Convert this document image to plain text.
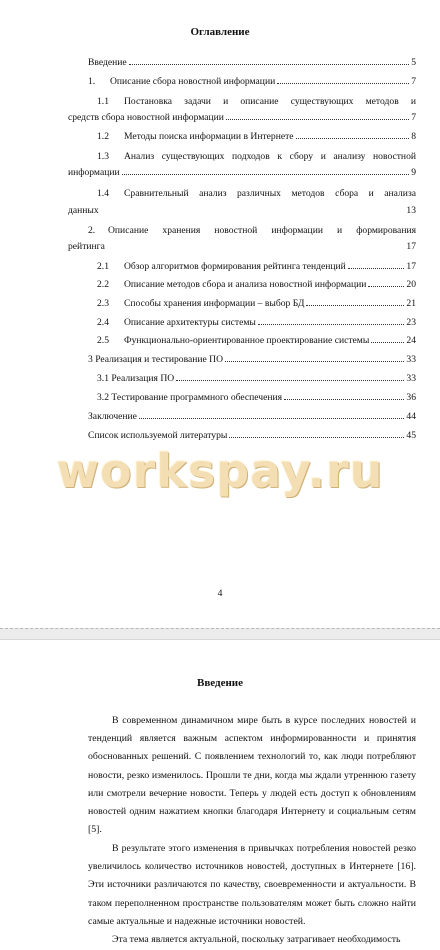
Оглавление
Введение	5
1.	Описание сбора новостной информации	7
1.1 Постановка задачи и описание существующих методов и
средств сбора новостной информации	7
1.2	Методы поиска информации в Интернете	8
1.3 Анализ существующих подходов к сбору и анализу новостной
информации	9
1.4 Сравнительный анализ различных методов сбора и анализа
данных	13
2. Описание хранения новостной информации и формирования
рейтинга	17
2.1	Обзор алгоритмов формирования рейтинга тенденций	17
2.2	Описание методов сбора и анализа новостной информации	20
2.3	Способы хранения информации – выбор БД	21
2.4	Описание архитектуры системы	23
2.5	Функционально-ориентированное проектирование системы	24
3 Реализация и тестирование ПО	33
3.1 Реализация ПО	33
3.2 Тестирование программного обеспечения	36
Заключение	44
Список используемой литературы	45
workspay.ru
4
Введение
В современном динамичном мире быть в курсе последних новостей и тенденций является важным аспектом информированности и принятия обоснованных решений. С появлением технологий то, как люди потребляют новости, резко изменилось. Прошли те дни, когда мы ждали утреннюю газету или смотрели вечерние новости. Теперь у людей есть доступ к обновлениям новостей одним нажатием кнопки благодаря Интернету и социальным сетям [5].
В результате этого изменения в привычках потребления новостей резко увеличилось количество источников новостей, доступных в Интернете [16]. Эти источники различаются по качеству, своевременности и актуальности. В таком переполненном пространстве пользователям может быть сложно найти самые актуальные и надежные источники новостей.
Эта тема является актуальной, поскольку затрагивает необходимость
